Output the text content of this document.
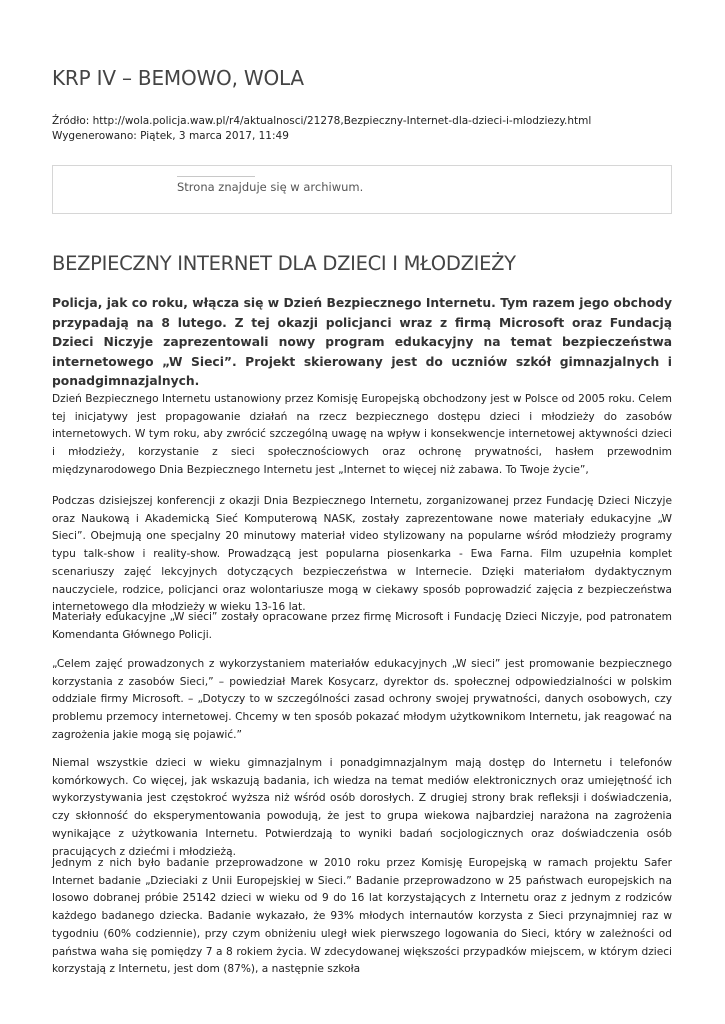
KRP IV – BEMOWO, WOLA
Źródło: http://wola.policja.waw.pl/r4/aktualnosci/21278,Bezpieczny-Internet-dla-dzieci-i-mlodziezy.html
Wygenerowano: Piątek, 3 marca 2017, 11:49
Strona znajduje się w archiwum.
BEZPIECZNY INTERNET DLA DZIECI I MŁODZIEŻY

Policja, jak co roku, włącza się w Dzień Bezpiecznego Internetu. Tym razem jego obchody przypadają na 8 lutego. Z tej okazji policjanci wraz z firmą Microsoft oraz Fundacją Dzieci Niczyje zaprezentowali nowy program edukacyjny na temat bezpieczeństwa internetowego „W Sieci”. Projekt skierowany jest do uczniów szkół gimnazjalnych i ponadgimnazjalnych.

Dzień Bezpiecznego Internetu ustanowiony przez Komisję Europejską obchodzony jest w Polsce od 2005 roku. Celem tej inicjatywy jest propagowanie działań na rzecz bezpiecznego dostępu dzieci i młodzieży do zasobów internetowych. W tym roku, aby zwrócić szczególną uwagę na wpływ i konsekwencje internetowej aktywności dzieci i młodzieży, korzystanie z sieci społecznościowych oraz ochronę prywatności, hasłem przewodnim międzynarodowego Dnia Bezpiecznego Internetu jest „Internet to więcej niż zabawa. To Twoje życie”,

Podczas dzisiejszej konferencji z okazji Dnia Bezpiecznego Internetu, zorganizowanej przez Fundację Dzieci Niczyje oraz Naukową i Akademicką Sieć Komputerową NASK, zostały zaprezentowane nowe materiały edukacyjne „W Sieci”. Obejmują one specjalny 20 minutowy materiał video stylizowany na popularne wśród młodzieży programy typu talk-show i reality-show. Prowadzącą jest popularna piosenkarka - Ewa Farna. Film uzupełnia komplet scenariuszy zajęć lekcyjnych dotyczących bezpieczeństwa w Internecie. Dzięki materiałom dydaktycznym nauczyciele, rodzice, policjanci oraz wolontariusze mogą w ciekawy sposób poprowadzić zajęcia z bezpieczeństwa internetowego dla młodzieży w wieku 13-16 lat.

Materiały edukacyjne „W sieci” zostały opracowane przez firmę Microsoft i Fundację Dzieci Niczyje, pod patronatem Komendanta Głównego Policji.

„Celem zajęć prowadzonych z wykorzystaniem materiałów edukacyjnych „W sieci” jest promowanie bezpiecznego korzystania z zasobów Sieci,” – powiedział Marek Kosycarz, dyrektor ds. społecznej odpowiedzialności w polskim oddziale firmy Microsoft. – „Dotyczy to w szczególności zasad ochrony swojej prywatności, danych osobowych, czy problemu przemocy internetowej. Chcemy w ten sposób pokazać młodym użytkownikom Internetu, jak reagować na zagrożenia jakie mogą się pojawić.”

Niemal wszystkie dzieci w wieku gimnazjalnym i ponadgimnazjalnym mają dostęp do Internetu i telefonów komórkowych. Co więcej, jak wskazują badania, ich wiedza na temat mediów elektronicznych oraz umiejętność ich wykorzystywania jest częstokroć wyższa niż wśród osób dorosłych. Z drugiej strony brak refleksji i doświadczenia, czy skłonność do eksperymentowania powodują, że jest to grupa wiekowa najbardziej narażona na zagrożenia wynikające z użytkowania Internetu. Potwierdzają to wyniki badań socjologicznych oraz doświadczenia osób pracujących z dziećmi i młodzieżą.

Jednym z nich było badanie przeprowadzone w 2010 roku przez Komisję Europejską w ramach projektu Safer Internet badanie „Dzieciaki z Unii Europejskiej w Sieci.” Badanie przeprowadzono w 25 państwach europejskich na losowo dobranej próbie 25142 dzieci w wieku od 9 do 16 lat korzystających z Internetu oraz z jednym z rodziców każdego badanego dziecka. Badanie wykazało, że 93% młodych internautów korzysta z Sieci przynajmniej raz w tygodniu (60% codziennie), przy czym obniżeniu uległ wiek pierwszego logowania do Sieci, który w zależności od państwa waha się pomiędzy 7 a 8 rokiem życia. W zdecydowanej większości przypadków miejscem, w którym dzieci korzystają z Internetu, jest dom (87%), a następnie szkoła
